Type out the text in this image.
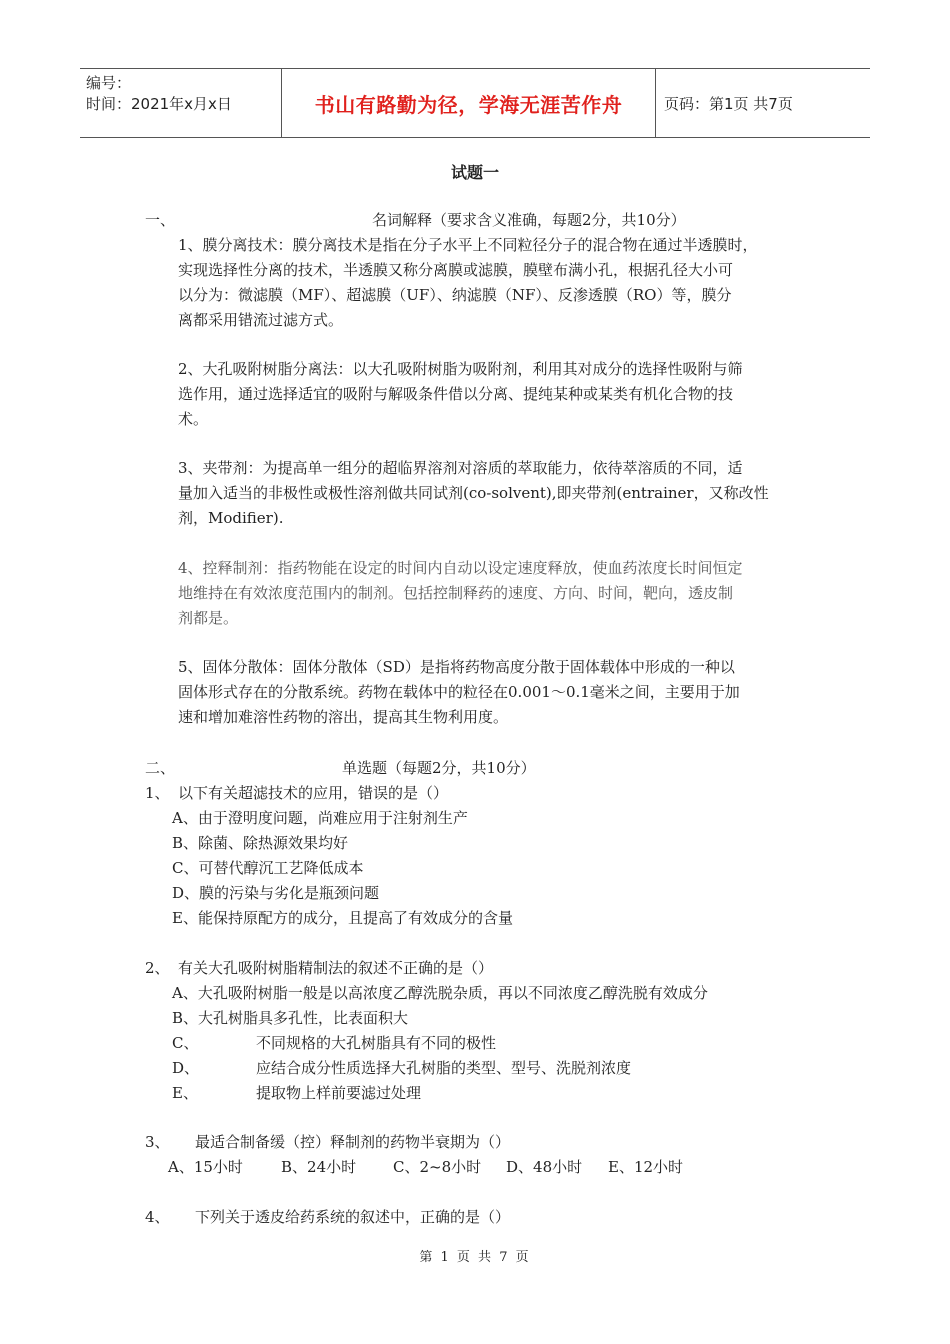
编号：
时间：2021年x月x日	书山有路勤为径，学海无涯苦作舟	页码：第1页 共7页
试题一
一、	名词解释（要求含义准确，每题2分，共10分）
1、膜分离技术：膜分离技术是指在分子水平上不同粒径分子的混合物在通过半透膜时，
实现选择性分离的技术，半透膜又称分离膜或滤膜，膜壁布满小孔，根据孔径大小可
以分为：微滤膜（MF）、超滤膜（UF）、纳滤膜（NF）、反渗透膜（RO）等，膜分
离都采用错流过滤方式。
2、大孔吸附树脂分离法：以大孔吸附树脂为吸附剂，利用其对成分的选择性吸附与筛
选作用，通过选择适宜的吸附与解吸条件借以分离、提纯某种或某类有机化合物的技
术。
3、夹带剂：为提高单一组分的超临界溶剂对溶质的萃取能力，依待萃溶质的不同，适
量加入适当的非极性或极性溶剂做共同试剂(co-solvent),即夹带剂(entrainer，又称改性
剂，Modifier).
4、控释制剂：指药物能在设定的时间内自动以设定速度释放，使血药浓度长时间恒定
地维持在有效浓度范围内的制剂。包括控制释药的速度、方向、时间，靶向，透皮制
剂都是。
5、固体分散体：固体分散体（SD）是指将药物高度分散于固体载体中形成的一种以
固体形式存在的分散系统。药物在载体中的粒径在0.001～0.1毫米之间，主要用于加
速和增加难溶性药物的溶出，提高其生物利用度。
二、	单选题（每题2分，共10分）
1、 以下有关超滤技术的应用，错误的是（）
A、由于澄明度问题，尚难应用于注射剂生产
B、除菌、除热源效果均好
C、可替代醇沉工艺降低成本
D、膜的污染与劣化是瓶颈问题
E、能保持原配方的成分，且提高了有效成分的含量
2、 有关大孔吸附树脂精制法的叙述不正确的是（）
A、大孔吸附树脂一般是以高浓度乙醇洗脱杂质，再以不同浓度乙醇洗脱有效成分
B、大孔树脂具多孔性，比表面积大
C、	不同规格的大孔树脂具有不同的极性
D、	应结合成分性质选择大孔树脂的类型、型号、洗脱剂浓度
E、	提取物上样前要滤过处理
3、 最适合制备缓（控）释制剂的药物半衰期为（）
A、15小时	B、24小时 C、2~8小时 D、48小时 E、12小时
4、 下列关于透皮给药系统的叙述中，正确的是（）
第 1 页 共 7 页
